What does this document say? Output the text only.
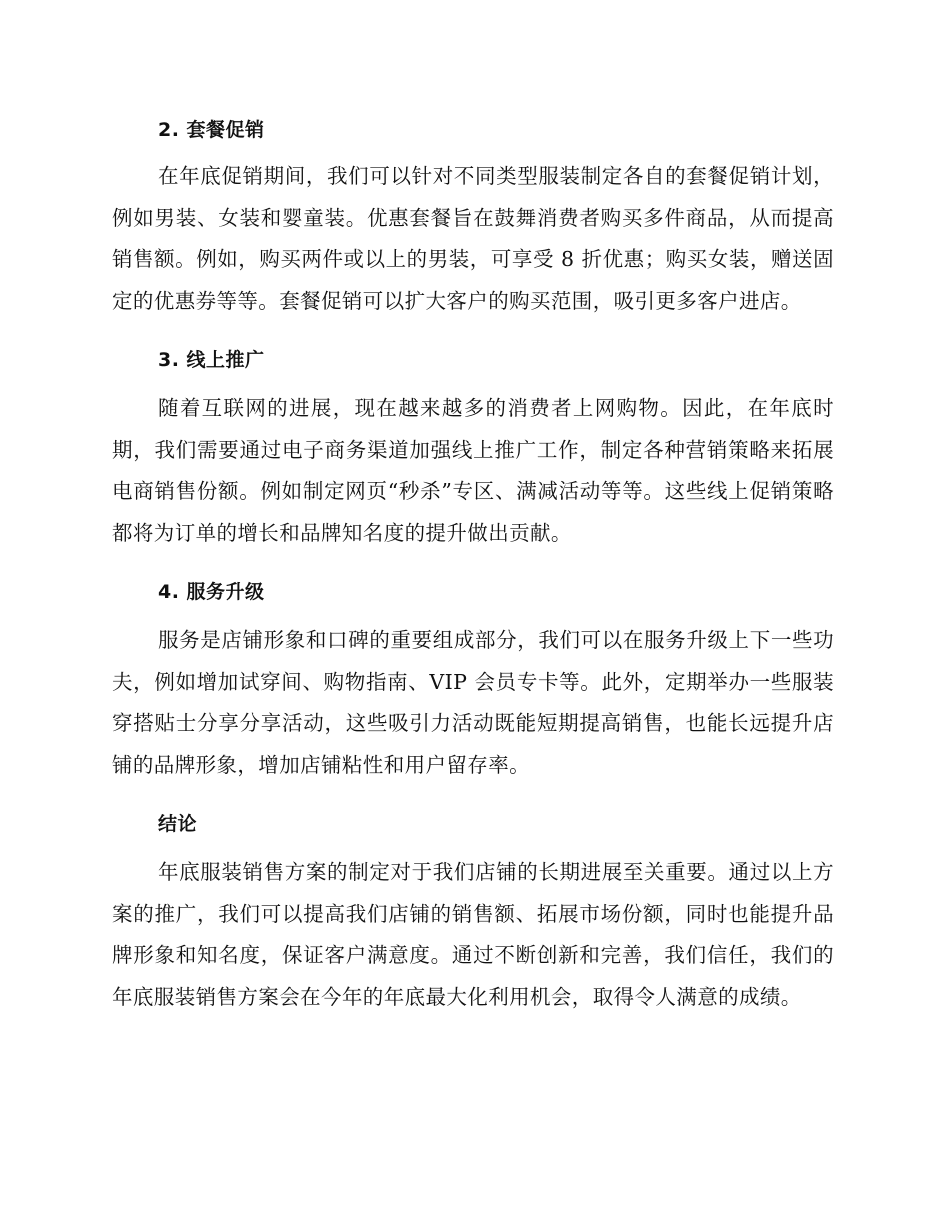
2. 套餐促销

在年底促销期间，我们可以针对不同类型服装制定各自的套餐促销计划，例如男装、女装和婴童装。优惠套餐旨在鼓舞消费者购买多件商品，从而提高销售额。例如，购买两件或以上的男装，可享受 8 折优惠；购买女装，赠送固定的优惠券等等。套餐促销可以扩大客户的购买范围，吸引更多客户进店。

3. 线上推广

随着互联网的进展，现在越来越多的消费者上网购物。因此，在年底时期，我们需要通过电子商务渠道加强线上推广工作，制定各种营销策略来拓展电商销售份额。例如制定网页“秒杀”专区、满减活动等等。这些线上促销策略都将为订单的增长和品牌知名度的提升做出贡献。

4. 服务升级

服务是店铺形象和口碑的重要组成部分，我们可以在服务升级上下一些功夫，例如增加试穿间、购物指南、VIP 会员专卡等。此外，定期举办一些服装穿搭贴士分享分享活动，这些吸引力活动既能短期提高销售，也能长远提升店铺的品牌形象，增加店铺粘性和用户留存率。

结论

年底服装销售方案的制定对于我们店铺的长期进展至关重要。通过以上方案的推广，我们可以提高我们店铺的销售额、拓展市场份额，同时也能提升品牌形象和知名度，保证客户满意度。通过不断创新和完善，我们信任，我们的年底服装销售方案会在今年的年底最大化利用机会，取得令人满意的成绩。
